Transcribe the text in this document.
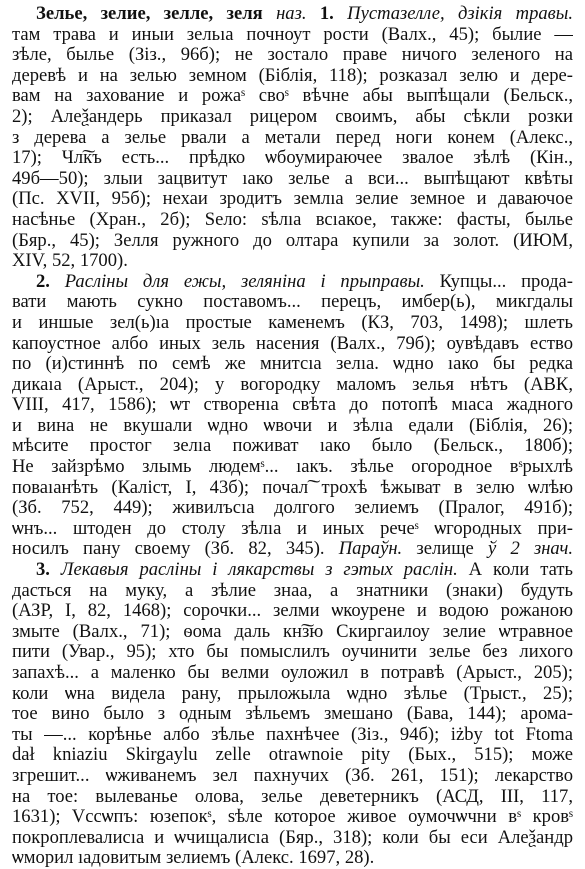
Зелье, зелие, зелле, зеля наз. 1. Пустазелле, дзікія травы.
там трава и иныи зельıа почноут рости (Валх., 45); былие —
зѣле, былье (Зіз., 96б); не зостало праве ничого зеленого на
деревѣ и на зелью земном (Біблія, 118); розказал зелю и дере-
вам на захование и рожаˢ своˢ вѣчне абы выпѣщали (Бельск.,
2); Алеѯандерь приказал рицером своимъ, абы сѣкли розки
з дерева а зелье рвали а метали перед ноги конем (Алекс.,
17); Чл͠къ есть... прѣдко ѡбоумираючее звалое зѣлѣ (Кін.,
49б—50); злыи зацвитут ıако зелье а вси... выпѣщают квѣты
(Пс. XVII, 95б); нехаи зродитъ землıа зелие земное и даваючое
насѣнье (Хран., 2б); Ѕелo: ѕѣлıа всıакое, также: фасты, былье
(Бяр., 45); Зелля ружного до олтара купили за золот. (ИЮМ,
XIV, 52, 1700).
2. Расліны для ежы, зеляніна і прыправы. Купцы... прода-
вати мають сукно поставомъ... перецъ, имбер(ь), микгдалы
и иншые зел(ь)ıа простые каменемъ (КЗ, 703, 1498); шлеть
капоустное албо иных зель насения (Валх., 79б); оувѣдавъ ество
по (и)стиннѣ по семѣ же мнитсıа зелıа. ѡдно ıако бы редка
дикаıа (Арыст., 204); у вогородку маломъ зелья нѣтъ (АВК,
VIII, 417, 1586); ѡт створенıа свѣта до потопѣ мıаса жадного
и вина не вкушали ѡдно ѡвочи и зѣлıа едали (Біблія, 26);
мѣсите простог зелıа поживат ıако было (Бельск., 180б);
Не зайзрѣмо злымь людемˢ... ıакъ. зѣлье огородное вˢрыхлѣ
поваıанѣть (Каліст, I, 43б); почал͠ трохѣ ѣжыват в зелю ѡлѣю
(Зб. 752, 449); живилъсıа долгого зелиемъ (Пралог, 491б);
ѡнъ... штоден до столу зѣлıа и иных речеˢ ѡгородных при-
носилъ пану своему (Зб. 82, 345). Параўн. зелище ў 2 знач.
3. Лекавыя расліны і лякарствы з гэтых раслін. А коли тать
дасться на муку, а зѣлие знаа, а знатники (знаки) будуть
(АЗР, I, 82, 1468); сорочки... зелми ѡкоурене и водою рожаною
змыте (Валх., 71); ѳома даль кн͠зю Скиргаилоу зелие ѡтравное
пити (Увар., 95); хто бы помыслилъ оучинити зелье без лихого
запахѣ... а маленко бы велми оуложил в потравѣ (Арыст., 205);
коли ѡна видела рану, прыложыла ѡдно зѣлье (Трыст., 25);
тое вино было з одным зѣльемъ змешано (Бава, 144); арома-
ты —... корѣнье албо зѣлье пахнѣчее (Зіз., 94б); iżby tot Ftoma
dał kniaziu Skirgaylu zelle otrawnoie pity (Бых., 515); може
згрешит... ѡживанемъ зел пахнучих (Зб. 261, 151); лекарство
на тое: вылеванье олова, зелье деветерникъ (АСД, III, 117,
1631); Vccѡпъ: юзепокˢ, ѕѣле которое живое оумочѡчни вˢ кровˢ
покроплевалисıа и ѡчищалисıа (Бяр., 318); коли бы еси Алеѯандр
ѡморил ıадовитым зелиемъ (Алекс. 1697, 28).
